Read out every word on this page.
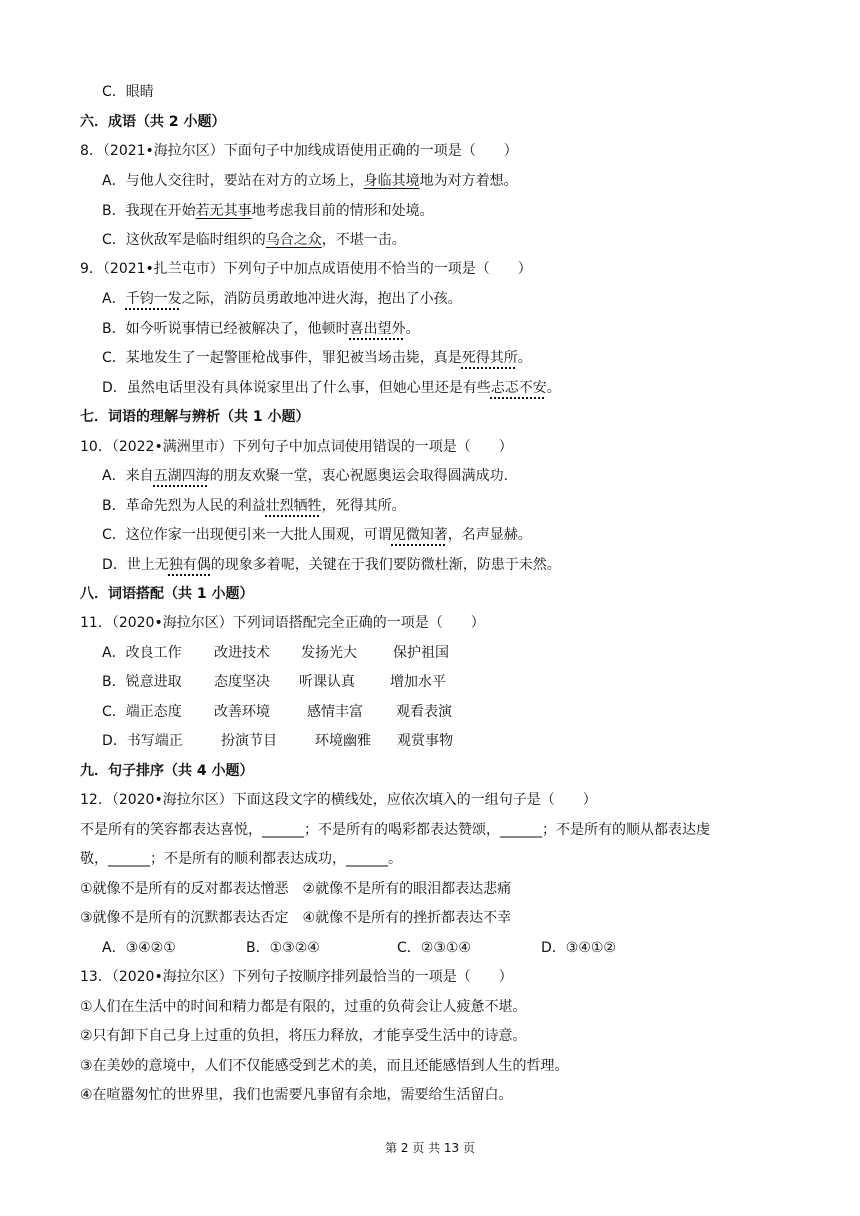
C．眼睛
六．成语（共 2 小题）
8．（2021•海拉尔区）下面句子中加线成语使用正确的一项是（　　）
A．与他人交往时，要站在对方的立场上，身临其境地为对方着想。
B．我现在开始若无其事地考虑我目前的情形和处境。
C．这伙敌军是临时组织的乌合之众，不堪一击。
9．（2021•扎兰屯市）下列句子中加点成语使用不恰当的一项是（　　）
A．千钧一发之际，消防员勇敢地冲进火海，抱出了小孩。
B．如今听说事情已经被解决了，他顿时喜出望外。
C．某地发生了一起警匪枪战事件，罪犯被当场击毙，真是死得其所。
D．虽然电话里没有具体说家里出了什么事，但她心里还是有些忐忑不安。
七．词语的理解与辨析（共 1 小题）
10．（2022•满洲里市）下列句子中加点词使用错误的一项是（　　）
A．来自五湖四海的朋友欢聚一堂，衷心祝愿奥运会取得圆满成功.
B．革命先烈为人民的利益壮烈牺牲，死得其所。
C．这位作家一出现便引来一大批人围观，可谓见微知著，名声显赫。
D．世上无独有偶的现象多着呢，关键在于我们要防微杜渐，防患于未然。
八．词语搭配（共 1 小题）
11．（2020•海拉尔区）下列词语搭配完全正确的一项是（　　）
A．改良工作 改进技术 发扬光大	保护祖国
B．锐意进取 态度坚决 听课认真	增加水平
C．端正态度 改善环境	感情丰富 观看表演
D．书写端正	扮演节目	环境幽雅 观赏事物
九．句子排序（共 4 小题）
12．（2020•海拉尔区）下面这段文字的横线处，应依次填入的一组句子是（　　）
不是所有的笑容都表达喜悦，______；不是所有的喝彩都表达赞颂，______；不是所有的顺从都表达虔
敬，______；不是所有的顺利都表达成功，______。
①就像不是所有的反对都表达憎恶　②就像不是所有的眼泪都表达悲痛
③就像不是所有的沉默都表达否定　④就像不是所有的挫折都表达不幸
A．③④②①	B．①③②④	C．②③①④	D．③④①②
13．（2020•海拉尔区）下列句子按顺序排列最恰当的一项是（　　）
①人们在生活中的时间和精力都是有限的，过重的负荷会让人疲惫不堪。
②只有卸下自己身上过重的负担，将压力释放，才能享受生活中的诗意。
③在美妙的意境中，人们不仅能感受到艺术的美，而且还能感悟到人生的哲理。
④在喧嚣匆忙的世界里，我们也需要凡事留有余地，需要给生活留白。
第 2 页 共 13 页
